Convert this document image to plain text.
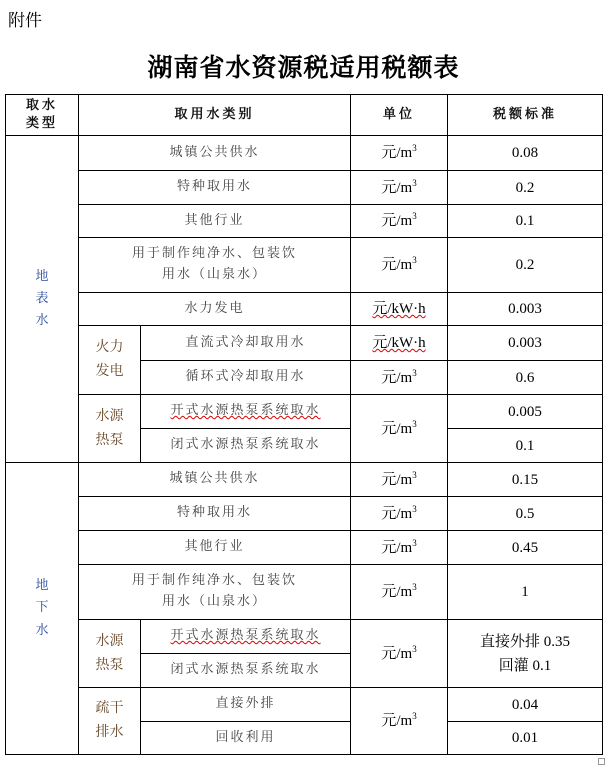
附件
湖南省水资源税适用税额表
取水类型	取用水类别		单位	税额标准

地表水	城镇公共供水		元$/m^3$	0.08
	特种取用水		元$/m^3$	0.2
	其他行业		元$/m^3$	0.1

	用于制作纯净水、包装饮用水（山泉水）		元$/m^3$	0.2
	水力发电		元/kW·h	0.003

	火力发电	直流式冷却取用水	元/kW·h	0.003
		循环式冷却取用水	元$/m^3$	0.6

	水源热泵	开式水源热泵系统取水	元$/m^3$	0.005
		闭式水源热泵系统取水		0.1

地下水	城镇公共供水		元$/m^3$	0.15
	特种取用水		元$/m^3$	0.5
	其他行业		元$/m^3$	0.45

	用于制作纯净水、包装饮用水（山泉水）		元$/m^3$	1

	水源热泵	开式水源热泵系统取水	元$/m^3$	直接外排 0.35
回灌 0.1

		闭式水源热泵系统取水		

	疏干排水	直接外排	元$/m^3$	0.04
		回收利用		0.01
